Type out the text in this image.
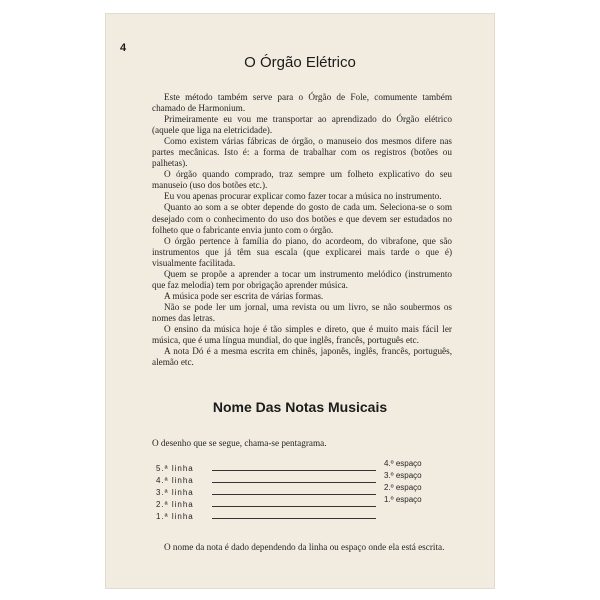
4
O Órgão Elétrico

Este método também serve para o Órgão de Fole, comumente também chamado de Harmonium.

Primeiramente eu vou me transportar ao aprendizado do Órgão elétrico (aquele que liga na eletricidade).

Como existem várias fábricas de órgão, o manuseio dos mesmos difere nas partes mecânicas. Isto é: a forma de trabalhar com os registros (botões ou palhetas).

O órgão quando comprado, traz sempre um folheto explicativo do seu manuseio (uso dos botões etc.).

Eu vou apenas procurar explicar como fazer tocar a música no instrumento.

Quanto ao som a se obter depende do gosto de cada um. Seleciona-se o som desejado com o conhecimento do uso dos botões e que devem ser estudados no folheto que o fabricante envia junto com o órgão.

O órgão pertence à família do piano, do acordeom, do vibrafone, que são instrumentos que já têm sua escala (que explicarei mais tarde o que é) visualmente facilitada.

Quem se propõe a aprender a tocar um instrumento melódico (instrumento que faz melodia) tem por obrigação aprender música.

A música pode ser escrita de várias formas.

Não se pode ler um jornal, uma revista ou um livro, se não soubermos os nomes das letras.

O ensino da música hoje é tão simples e direto, que é muito mais fácil ler música, que é uma língua mundial, do que inglês, francês, português etc.

A nota Dó é a mesma escrita em chinês, japonês, inglês, francês, português, alemão etc.

Nome Das Notas Musicais
O desenho que se segue, chama-se pentagrama.
5.ª linha
4.º espaço
4.ª linha
3.º espaço
3.ª linha
2.º espaço
2.ª linha
1.º espaço
1.ª linha

O nome da nota é dado dependendo da linha ou espaço onde ela está escrita.
